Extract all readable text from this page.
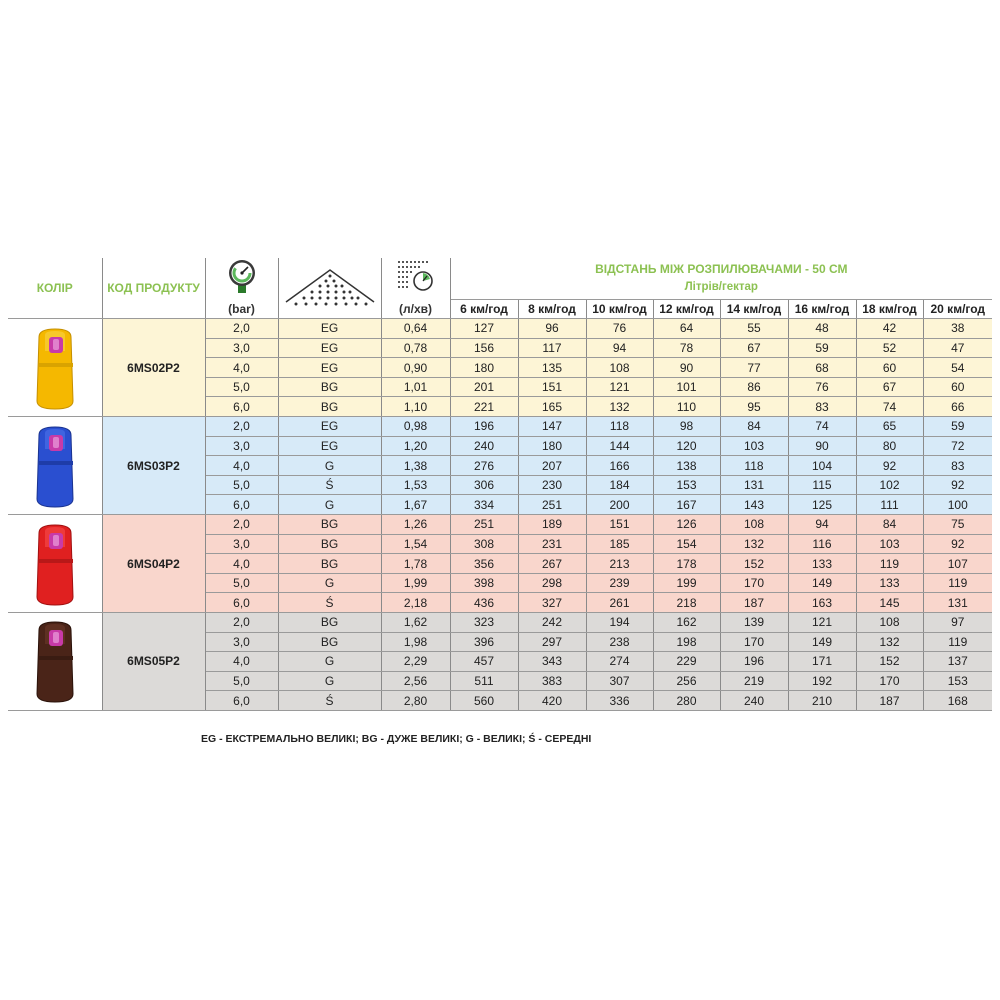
КОЛІР	КОД ПРОДУКТУ				ВІДСТАНЬ МІЖ РОЗПИЛЮВАЧАМИ - 50 СМ
Літрів/гектар							

		(bar)		(л/хв)	6 км/год	8 км/год	10 км/год	12 км/год	14 км/год	16 км/год	18 км/год	20 км/год

	6MS02P2	2,0	EG	0,64	127	96	76	64	55	48	42	38
		3,0	EG	0,78	156	117	94	78	67	59	52	47
		4,0	EG	0,90	180	135	108	90	77	68	60	54
		5,0	BG	1,01	201	151	121	101	86	76	67	60
		6,0	BG	1,10	221	165	132	110	95	83	74	66

	6MS03P2	2,0	EG	0,98	196	147	118	98	84	74	65	59
		3,0	EG	1,20	240	180	144	120	103	90	80	72
		4,0	G	1,38	276	207	166	138	118	104	92	83
		5,0	Ś	1,53	306	230	184	153	131	115	102	92
		6,0	G	1,67	334	251	200	167	143	125	111	100

	6MS04P2	2,0	BG	1,26	251	189	151	126	108	94	84	75
		3,0	BG	1,54	308	231	185	154	132	116	103	92
		4,0	BG	1,78	356	267	213	178	152	133	119	107
		5,0	G	1,99	398	298	239	199	170	149	133	119
		6,0	Ś	2,18	436	327	261	218	187	163	145	131

	6MS05P2	2,0	BG	1,62	323	242	194	162	139	121	108	97
		3,0	BG	1,98	396	297	238	198	170	149	132	119
		4,0	G	2,29	457	343	274	229	196	171	152	137
		5,0	G	2,56	511	383	307	256	219	192	170	153
		6,0	Ś	2,80	560	420	336	280	240	210	187	168
EG - ЕКСТРЕМАЛЬНО ВЕЛИКІ; BG - ДУЖЕ ВЕЛИКІ; G - ВЕЛИКІ; Ś - СЕРЕДНІ
